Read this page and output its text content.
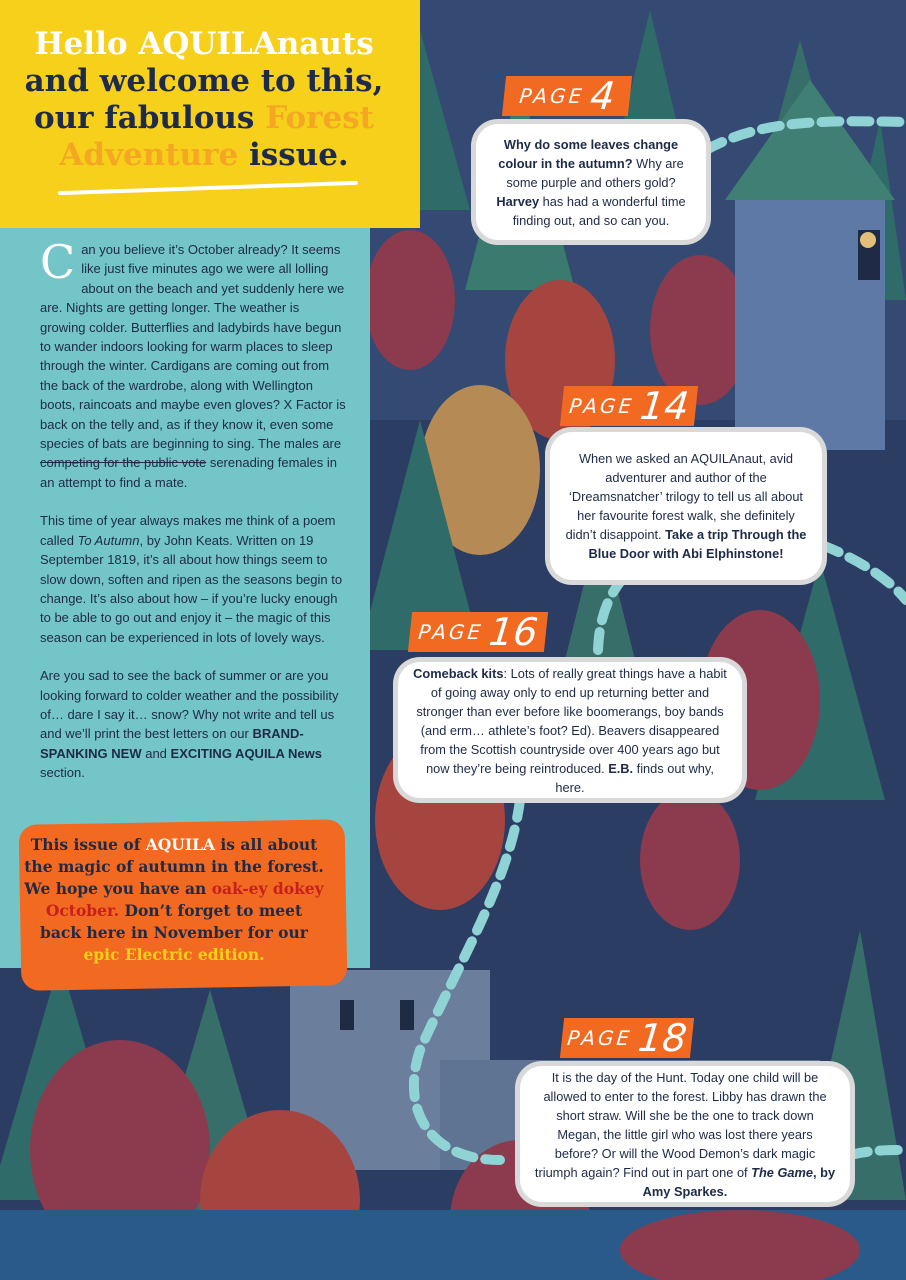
Hello AQUILAnauts
and welcome to this,
our fabulous Forest
Adventure issue.

Can you believe it’s October already? It seems like just five minutes ago we were all lolling about on the beach and yet suddenly here we are. Nights are getting longer. The weather is growing colder. Butterflies and ladybirds have begun to wander indoors looking for warm places to sleep through the winter. Cardigans are coming out from the back of the wardrobe, along with Wellington boots, raincoats and maybe even gloves? X Factor is back on the telly and, as if they know it, even some species of bats are beginning to sing. The males are competing for the public vote serenading females in an attempt to find a mate.

This time of year always makes me think of a poem called To Autumn, by John Keats. Written on 19 September 1819, it’s all about how things seem to slow down, soften and ripen as the seasons begin to change. It’s also about how – if you’re lucky enough to be able to go out and enjoy it – the magic of this season can be experienced in lots of lovely ways.

Are you sad to see the back of summer or are you looking forward to colder weather and the possibility of… dare I say it… snow? Why not write and tell us and we’ll print the best letters on our BRAND-SPANKING NEW and EXCITING AQUILA News section.

This issue of AQUILA is all about the magic of autumn in the forest. We hope you have an oak-ey dokey October. Don’t forget to meet back here in November for our epic Electric edition.
PAGE 4
Why do some leaves change colour in the autumn? Why are some purple and others gold? Harvey has had a wonderful time finding out, and so can you.
PAGE 14
When we asked an AQUILAnaut, avid adventurer and author of the ‘Dreamsnatcher’ trilogy to tell us all about her favourite forest walk, she definitely didn’t disappoint. Take a trip Through the Blue Door with Abi Elphinstone!
PAGE 16
Comeback kits: Lots of really great things have a habit of going away only to end up returning better and stronger than ever before like boomerangs, boy bands (and erm… athlete’s foot? Ed). Beavers disappeared from the Scottish countryside over 400 years ago but now they’re being reintroduced. E.B. finds out why, here.
PAGE 18
It is the day of the Hunt. Today one child will be allowed to enter to the forest. Libby has drawn the short straw. Will she be the one to track down Megan, the little girl who was lost there years before? Or will the Wood Demon’s dark magic triumph again? Find out in part one of The Game, by Amy Sparkes.
